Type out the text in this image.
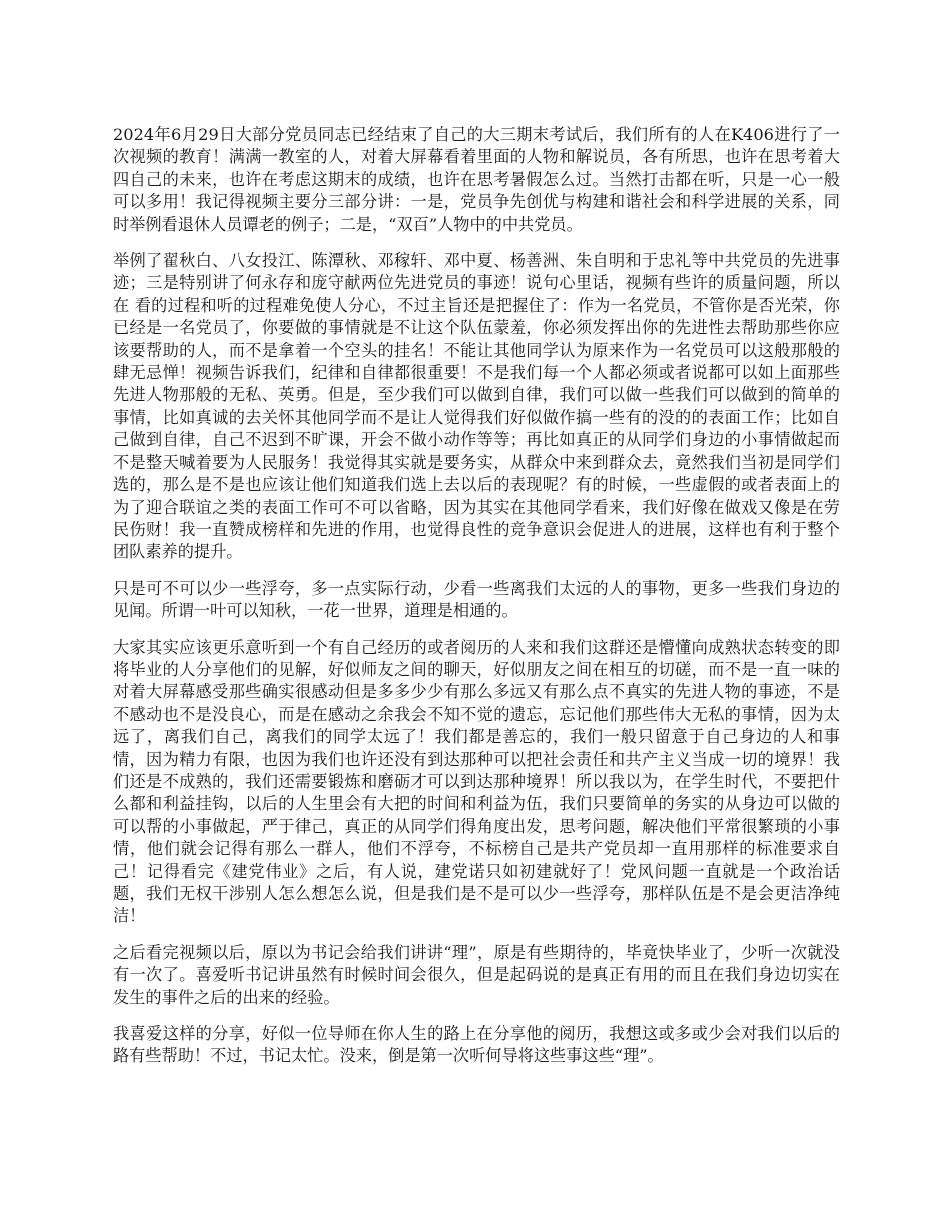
2024年6月29日大部分党员同志已经结束了自己的大三期末考试后，我们所有的人在K406进行了一次视频的教育！满满一教室的人，对着大屏幕看着里面的人物和解说员，各有所思，也许在思考着大四自己的未来，也许在考虑这期末的成绩，也许在思考暑假怎么过。当然打击都在听，只是一心一般可以多用！我记得视频主要分三部分讲：一是，党员争先创优与构建和谐社会和科学进展的关系，同时举例看退休人员谭老的例子；二是，“双百”人物中的中共党员。

举例了翟秋白、八女投江、陈潭秋、邓稼轩、邓中夏、杨善洲、朱自明和于忠礼等中共党员的先进事迹；三是特别讲了何永存和庞守献两位先进党员的事迹！说句心里话，视频有些许的质量问题，所以在 看的过程和听的过程难免使人分心，不过主旨还是把握住了：作为一名党员，不管你是否光荣，你已经是一名党员了，你要做的事情就是不让这个队伍蒙羞，你必须发挥出你的先进性去帮助那些你应该要帮助的人，而不是拿着一个空头的挂名！不能让其他同学认为原来作为一名党员可以这般那般的肆无忌惮！视频告诉我们，纪律和自律都很重要！不是我们每一个人都必须或者说都可以如上面那些先进人物那般的无私、英勇。但是，至少我们可以做到自律，我们可以做一些我们可以做到的简单的事情，比如真诚的去关怀其他同学而不是让人觉得我们好似做作搞一些有的没的的表面工作；比如自己做到自律，自己不迟到不旷课，开会不做小动作等等；再比如真正的从同学们身边的小事情做起而不是整天喊着要为人民服务！我觉得其实就是要务实，从群众中来到群众去，竟然我们当初是同学们选的，那么是不是也应该让他们知道我们选上去以后的表现呢？有的时候，一些虚假的或者表面上的为了迎合联谊之类的表面工作可不可以省略，因为其实在其他同学看来，我们好像在做戏又像是在劳民伤财！我一直赞成榜样和先进的作用，也觉得良性的竞争意识会促进人的进展，这样也有利于整个团队素养的提升。

只是可不可以少一些浮夸，多一点实际行动，少看一些离我们太远的人的事物，更多一些我们身边的见闻。所谓一叶可以知秋，一花一世界，道理是相通的。

大家其实应该更乐意听到一个有自己经历的或者阅历的人来和我们这群还是懵懂向成熟状态转变的即将毕业的人分享他们的见解，好似师友之间的聊天，好似朋友之间在相互的切磋，而不是一直一味的对着大屏幕感受那些确实很感动但是多多少少有那么多远又有那么点不真实的先进人物的事迹，不是不感动也不是没良心，而是在感动之余我会不知不觉的遗忘，忘记他们那些伟大无私的事情，因为太远了，离我们自己，离我们的同学太远了！我们都是善忘的，我们一般只留意于自己身边的人和事情，因为精力有限，也因为我们也许还没有到达那种可以把社会责任和共产主义当成一切的境界！我们还是不成熟的，我们还需要锻炼和磨砺才可以到达那种境界！所以我以为，在学生时代，不要把什么都和利益挂钩，以后的人生里会有大把的时间和利益为伍，我们只要简单的务实的从身边可以做的可以帮的小事做起，严于律己，真正的从同学们得角度出发，思考问题，解决他们平常很繁琐的小事情，他们就会记得有那么一群人，他们不浮夸，不标榜自己是共产党员却一直用那样的标准要求自己！记得看完《建党伟业》之后，有人说，建党诺只如初建就好了！党风问题一直就是一个政治话题，我们无权干涉别人怎么想怎么说，但是我们是不是可以少一些浮夸，那样队伍是不是会更洁净纯洁！

之后看完视频以后，原以为书记会给我们讲讲“理”，原是有些期待的，毕竟快毕业了，少听一次就没有一次了。喜爱听书记讲虽然有时候时间会很久，但是起码说的是真正有用的而且在我们身边切实在发生的事件之后的出来的经验。

我喜爱这样的分享，好似一位导师在你人生的路上在分享他的阅历，我想这或多或少会对我们以后的路有些帮助！不过，书记太忙。没来，倒是第一次听何导将这些事这些“理”。
